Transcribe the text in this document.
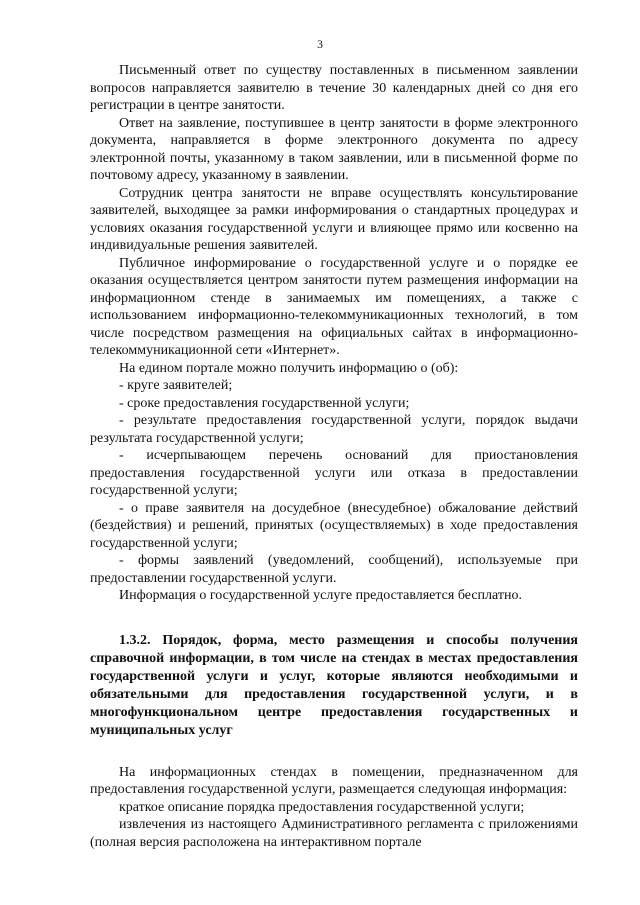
3

Письменный ответ по существу поставленных в письменном заявлении вопросов направляется заявителю в течение 30 календарных дней со дня его регистрации в центре занятости.

Ответ на заявление, поступившее в центр занятости в форме электронного документа, направляется в форме электронного документа по адресу электронной почты, указанному в таком заявлении, или в письменной форме по почтовому адресу, указанному в заявлении.

Сотрудник центра занятости не вправе осуществлять консультирование заявителей, выходящее за рамки информирования о стандартных процедурах и условиях оказания государственной услуги и влияющее прямо или косвенно на индивидуальные решения заявителей.

Публичное информирование о государственной услуге и о порядке ее оказания осуществляется центром занятости путем размещения информации на информационном стенде в занимаемых им помещениях, а также с использованием информационно-телекоммуникационных технологий, в том числе посредством размещения на официальных сайтах в информационно-телекоммуникационной сети «Интернет».

На едином портале можно получить информацию о (об):

- круге заявителей;

- сроке предоставления государственной услуги;

- результате предоставления государственной услуги, порядок выдачи результата государственной услуги;

- исчерпывающем перечень оснований для приостановления предоставления государственной услуги или отказа в предоставлении государственной услуги;

- о праве заявителя на досудебное (внесудебное) обжалование действий (бездействия) и решений, принятых (осуществляемых) в ходе предоставления государственной услуги;

- формы заявлений (уведомлений, сообщений), используемые при предоставлении государственной услуги.

Информация о государственной услуге предоставляется бесплатно.

1.3.2. Порядок, форма, место размещения и способы получения справочной информации, в том числе на стендах в местах предоставления государственной услуги и услуг, которые являются необходимыми и обязательными для предоставления государственной услуги, и в многофункциональном центре предоставления государственных и муниципальных услуг

На информационных стендах в помещении, предназначенном для предоставления государственной услуги, размещается следующая информация:

краткое описание порядка предоставления государственной услуги;

извлечения из настоящего Административного регламента с приложениями (полная версия расположена на интерактивном портале
